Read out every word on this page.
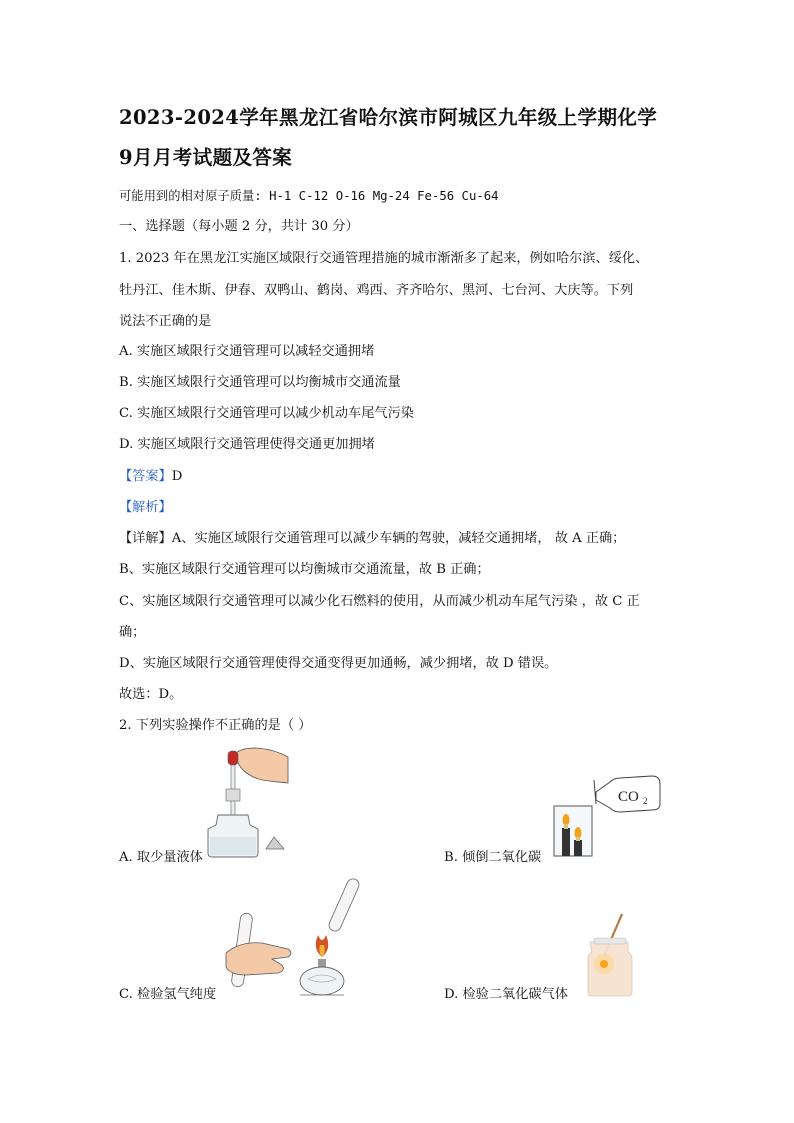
2023-2024学年黑龙江省哈尔滨市阿城区九年级上学期化学
9月月考试题及答案
可能用到的相对原子质量: H-1 C-12 O-16 Mg-24 Fe-56 Cu-64
一、选择题（每小题 2 分，共计 30 分）
1. 2023 年在黑龙江实施区域限行交通管理措施的城市渐渐多了起来，例如哈尔滨、绥化、
牡丹江、佳木斯、伊春、双鸭山、鹤岗、鸡西、齐齐哈尔、黑河、七台河、大庆等。下列
说法不正确的是
A. 实施区域限行交通管理可以减轻交通拥堵
B. 实施区域限行交通管理可以均衡城市交通流量
C. 实施区域限行交通管理可以减少机动车尾气污染
D. 实施区域限行交通管理使得交通更加拥堵
【答案】D
【解析】
【详解】A、实施区域限行交通管理可以减少车辆的驾驶，减轻交通拥堵， 故 A 正确；
B、实施区域限行交通管理可以均衡城市交通流量，故 B 正确；
C、实施区域限行交通管理可以减少化石燃料的使用，从而减少机动车尾气污染 ，故 C 正
确；
D、实施区域限行交通管理使得交通变得更加通畅，减少拥堵，故 D 错误。
故选：D。
2. 下列实验操作不正确的是（ ）
A. 取少量液体
CO 2
B. 倾倒二氧化碳
C. 检验氢气纯度	D. 检验二氧化碳气体
